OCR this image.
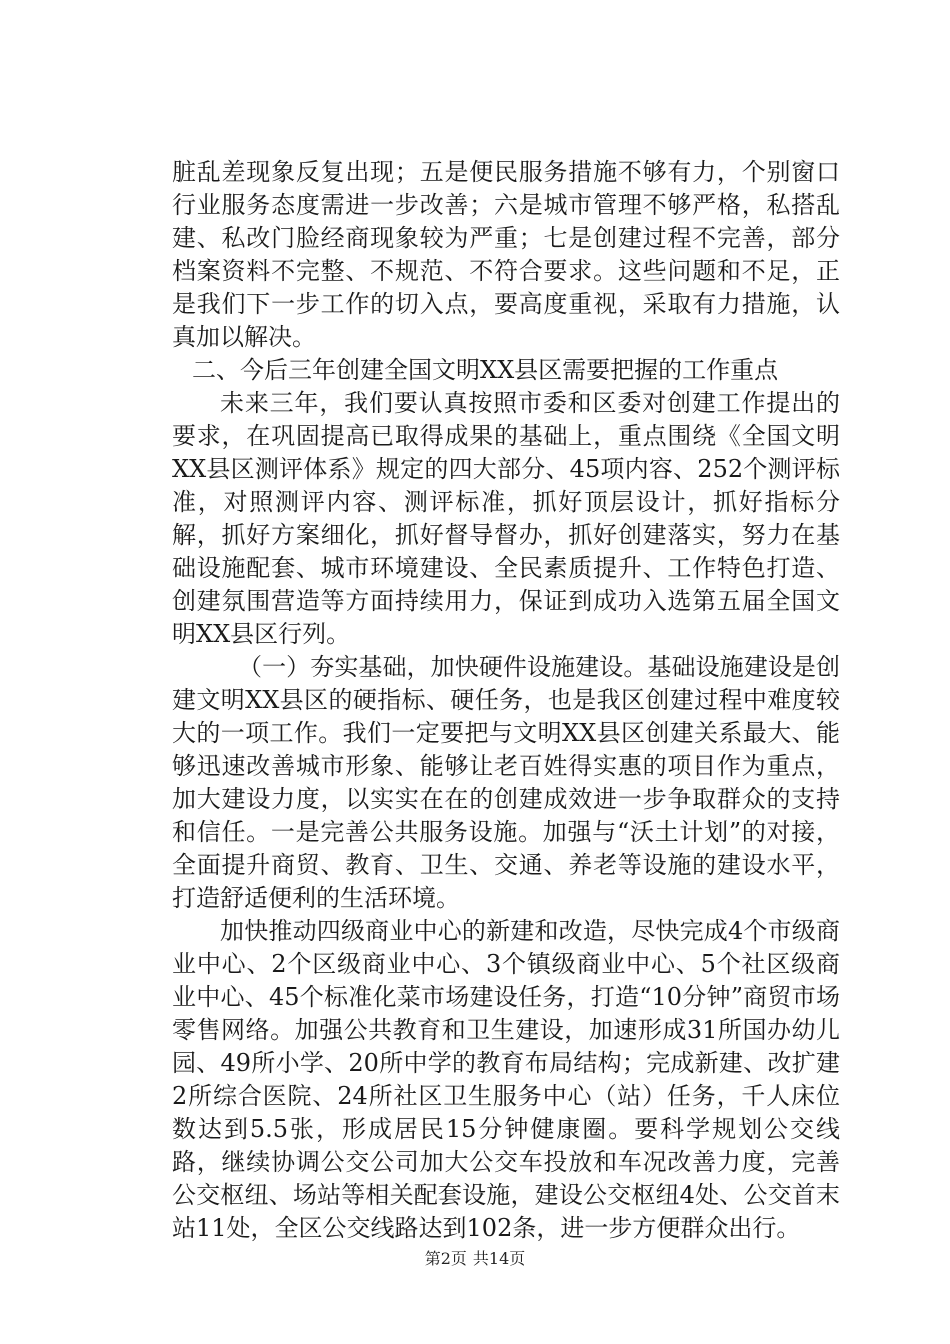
脏乱差现象反复出现；五是便民服务措施不够有力，个别窗口行业服务态度需进一步改善；六是城市管理不够严格，私搭乱建、私改门脸经商现象较为严重；七是创建过程不完善，部分档案资料不完整、不规范、不符合要求。这些问题和不足，正是我们下一步工作的切入点，要高度重视，采取有力措施，认真加以解决。

二、今后三年创建全国文明XX县区需要把握的工作重点

未来三年，我们要认真按照市委和区委对创建工作提出的要求，在巩固提高已取得成果的基础上，重点围绕《全国文明XX县区测评体系》规定的四大部分、45项内容、252个测评标准，对照测评内容、测评标准，抓好顶层设计，抓好指标分解，抓好方案细化，抓好督导督办，抓好创建落实，努力在基础设施配套、城市环境建设、全民素质提升、工作特色打造、创建氛围营造等方面持续用力，保证到成功入选第五届全国文明XX县区行列。

（一）夯实基础，加快硬件设施建设。基础设施建设是创建文明XX县区的硬指标、硬任务，也是我区创建过程中难度较大的一项工作。我们一定要把与文明XX县区创建关系最大、能够迅速改善城市形象、能够让老百姓得实惠的项目作为重点，加大建设力度，以实实在在的创建成效进一步争取群众的支持和信任。一是完善公共服务设施。加强与“沃土计划”的对接，全面提升商贸、教育、卫生、交通、养老等设施的建设水平，打造舒适便利的生活环境。

加快推动四级商业中心的新建和改造，尽快完成4个市级商业中心、2个区级商业中心、3个镇级商业中心、5个社区级商业中心、45个标准化菜市场建设任务，打造“10分钟”商贸市场零售网络。加强公共教育和卫生建设，加速形成31所国办幼儿园、49所小学、20所中学的教育布局结构；完成新建、改扩建2所综合医院、24所社区卫生服务中心（站）任务，千人床位数达到5.5张，形成居民15分钟健康圈。要科学规划公交线路，继续协调公交公司加大公交车投放和车况改善力度，完善公交枢纽、场站等相关配套设施，建设公交枢纽4处、公交首末站11处，全区公交线路达到102条，进一步方便群众出行。

第2页 共14页
